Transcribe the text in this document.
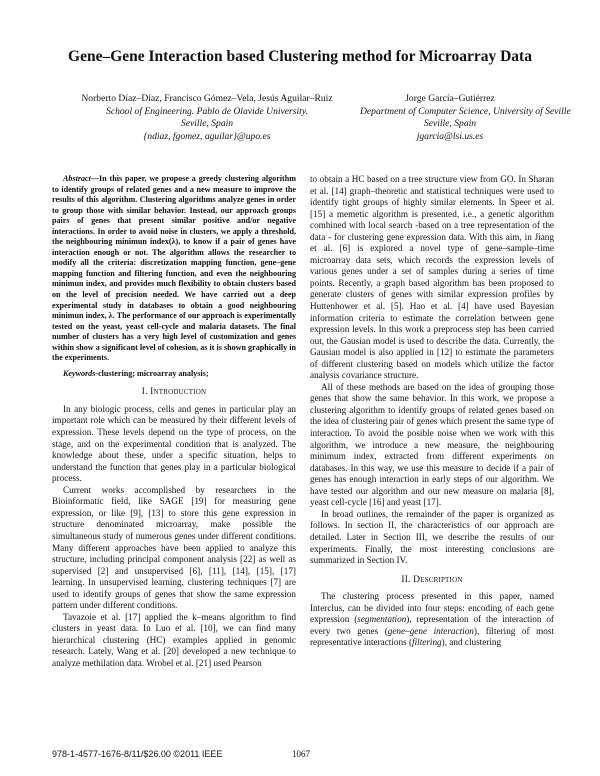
Gene–Gene Interaction based Clustering method for Microarray Data
Norberto Díaz–Díaz, Francisco Gómez–Vela, Jesús Aguilar–Ruiz
School of Engineering. Pablo de Olavide University.
Seville, Spain
{ndiaz, fgomez, aguilar}@upo.es
Jorge García–Gutiérrez
Department of Computer Science, University of Seville
Seville, Spain
jgarcia@lsi.us.es

Abstract—In this paper, we propose a greedy clustering algorithm to identify groups of related genes and a new measure to improve the results of this algorithm. Clustering algorithms analyze genes in order to group those with similar behavior. Instead, our approach groups pairs of genes that present similar positive and/or negative interactions. In order to avoid noise in clusters, we apply a threshold, the neighbouring minimun index(λ), to know if a pair of genes have interaction enough or not. The algorithm allows the researcher to modify all the criteria: discretization mapping function, gene–gene mapping function and filtering function, and even the neighbouring minimun index, and provides much flexibility to obtain clusters based on the level of precision needed. We have carried out a deep experimental study in databases to obtain a good neighbouring minimun index, λ. The performance of our approach is experimentally tested on the yeast, yeast cell-cycle and malaria datasets. The final number of clusters has a very high level of customization and genes within show a significant level of cohesion, as it is shown graphically in the experiments.

Keywords-clustering; microarray analysis;

I. Introduction

In any biologic process, cells and genes in particular play an important role which can be measured by their different levels of expression. These levels depend on the type of process, on the stage, and on the experimental condition that is analyzed. The knowledge about these, under a specific situation, helps to understand the function that genes play in a particular biological process.

Current works accomplished by researchers in the Bioinformatic field, like SAGE [19] for measuring gene expression, or like [9], [13] to store this gene expression in structure denominated microarray, make possible the simultaneous study of numerous genes under different conditions. Many different approaches have been applied to analyze this structure, including principal component analysis [22] as well as supervised [2] and unsupervised [6], [11], [14], [15], [17] learning. In unsupervised learning, clustering techniques [7] are used to identify groups of genes that show the same expression pattern under different conditions.

Tavazoie et al. [17] applied the k–means algorithm to find clusters in yeast data. In Luo et al. [10], we can find many hierarchical clustering (HC) examples applied in genomic research. Lately, Wang et al. [20] developed a new technique to analyze methilation data. Wrobel et al. [21] used Pearson

to obtain a HC based on a tree structure view from GO. In Sharan et al. [14] graph–theoretic and statistical techniques were used to identify tight groups of highly similar elements. In Speer et al. [15] a memetic algorithm is presented, i.e., a genetic algorithm combined with local search -based on a tree representation of the data - for clustering gene expression data. With this aim, in Jiang et al. [6] is explored a novel type of gene–sample–time microarray data sets, which records the expression levels of various genes under a set of samples during a series of time points. Recently, a graph based algorithm has been proposed to generate clusters of genes with similar expression profiles by Huttenhower et al. [5]. Hao et al. [4] have used Bayesian information criteria to estimate the correlation between gene expression levels. In this work a preprocess step has been carried out, the Gausian model is used to describe the data. Currently, the Gausian model is also applied in [12] to estimate the parameters of different clustering based on models which utilize the factor analysis covariance structure.

All of these methods are based on the idea of grouping those genes that show the same behavior. In this work, we propose a clustering algorithm to identify groups of related genes based on the idea of clustering pair of genes which present the same type of interaction. To avoid the posible noise when we work with this algorithm, we introduce a new measure, the neighbouring minimum index, extracted from different experiments on databases. In this way, we use this measure to decide if a pair of genes has enough interaction in early steps of our algorithm. We have tested our algorithm and our new measure on malaria [8], yeast cell-cycle [16] and yeast [17].

In broad outlines, the remainder of the paper is organized as follows. In section II, the characteristics of our approach are detailed. Later in Section III, we describe the results of our experiments. Finally, the most interesting conclusions are summarized in Section IV.

II. Description

The clustering process presented in this paper, named Interclus, can be divided into four steps: encoding of each gene expression (segmentation), representation of the interaction of every two genes (gene–gene interaction), filtering of most representative interactions (filtering), and clustering

978-1-4577-1676-8/11/$26.00 ©2011 IEEE	1067
